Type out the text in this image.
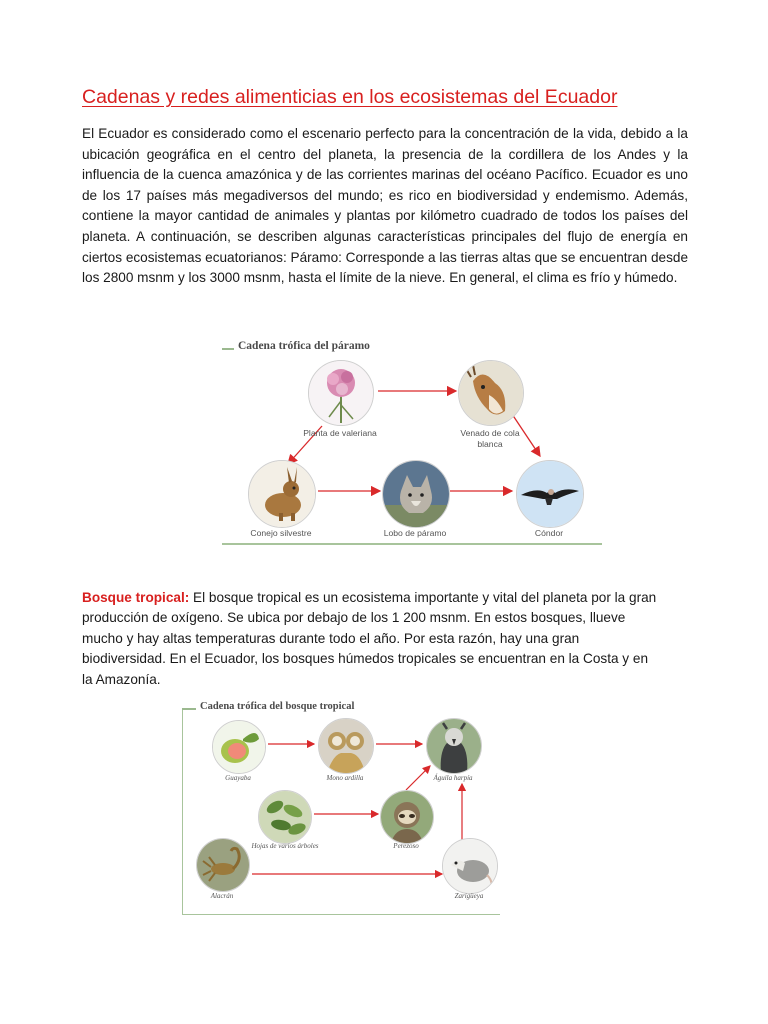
Cadenas y redes alimenticias en los ecosistemas del Ecuador

El Ecuador es considerado como el escenario perfecto para la concentración de la vida, debido a la ubicación geográfica en el centro del planeta, la presencia de la cordillera de los Andes y la influencia de la cuenca amazónica y de las corrientes marinas del océano Pacífico. Ecuador es uno de los 17 países más megadiversos del mundo; es rico en biodiversidad y endemismo. Además, contiene la mayor cantidad de animales y plantas por kilómetro cuadrado de todos los países del planeta. A continuación, se describen algunas características principales del flujo de energía en ciertos ecosistemas ecuatorianos: Páramo: Corresponde a las tierras altas que se encuentran desde los 2800 msnm y los 3000 msnm, hasta el límite de la nieve. En general, el clima es frío y húmedo.

Cadena trófica del páramo
Planta de valeriana	Venado de cola blanca
Conejo silvestre	Lobo de páramo	Cóndor

Bosque tropical: El bosque tropical es un ecosistema importante y vital del planeta por la gran producción de oxígeno. Se ubica por debajo de los 1 200 msnm. En estos bosques, llueve mucho y hay altas temperaturas durante todo el año. Por esta razón, hay una gran biodiversidad. En el Ecuador, los bosques húmedos tropicales se encuentran en la Costa y en la Amazonía.

Cadena trófica del bosque tropical
Guayaba	Mono ardilla	Águila harpía
Hojas de varios árboles	Perezoso
Alacrán	Zarigüeya
